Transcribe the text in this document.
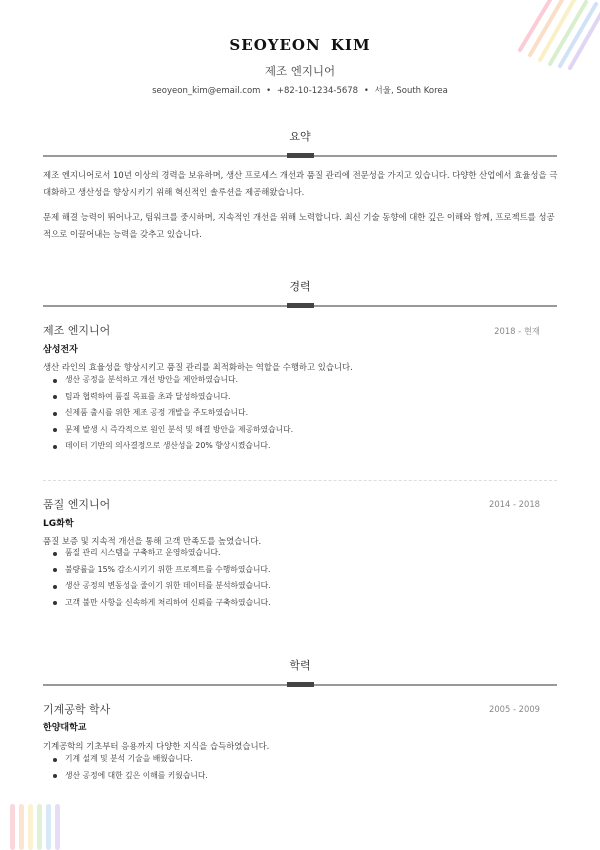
SEOYEON KIM
제조 엔지니어
seoyeon_kim@email.com • +82-10-1234-5678 • 서울, South Korea
요약
제조 엔지니어로서 10년 이상의 경력을 보유하며, 생산 프로세스 개선과 품질 관리에 전문성을 가지고 있습니다. 다양한 산업에서 효율성을 극대화하고 생산성을 향상시키기 위해 혁신적인 솔루션을 제공해왔습니다.
문제 해결 능력이 뛰어나고, 팀워크를 중시하며, 지속적인 개선을 위해 노력합니다. 최신 기술 동향에 대한 깊은 이해와 함께, 프로젝트를 성공적으로 이끌어내는 능력을 갖추고 있습니다.
경력
제조 엔지니어	2018 - 현재
삼성전자
생산 라인의 효율성을 향상시키고 품질 관리를 최적화하는 역할을 수행하고 있습니다.
생산 공정을 분석하고 개선 방안을 제안하였습니다.
팀과 협력하여 품질 목표를 초과 달성하였습니다.
신제품 출시를 위한 제조 공정 개발을 주도하였습니다.
문제 발생 시 즉각적으로 원인 분석 및 해결 방안을 제공하였습니다.
데이터 기반의 의사결정으로 생산성을 20% 향상시켰습니다.
품질 엔지니어	2014 - 2018
LG화학
품질 보증 및 지속적 개선을 통해 고객 만족도를 높였습니다.
품질 관리 시스템을 구축하고 운영하였습니다.
불량률을 15% 감소시키기 위한 프로젝트를 수행하였습니다.
생산 공정의 변동성을 줄이기 위한 데이터를 분석하였습니다.
고객 불만 사항을 신속하게 처리하여 신뢰를 구축하였습니다.
학력
기계공학 학사	2005 - 2009
한양대학교
기계공학의 기초부터 응용까지 다양한 지식을 습득하였습니다.
기계 설계 및 분석 기술을 배웠습니다.
생산 공정에 대한 깊은 이해를 키웠습니다.
